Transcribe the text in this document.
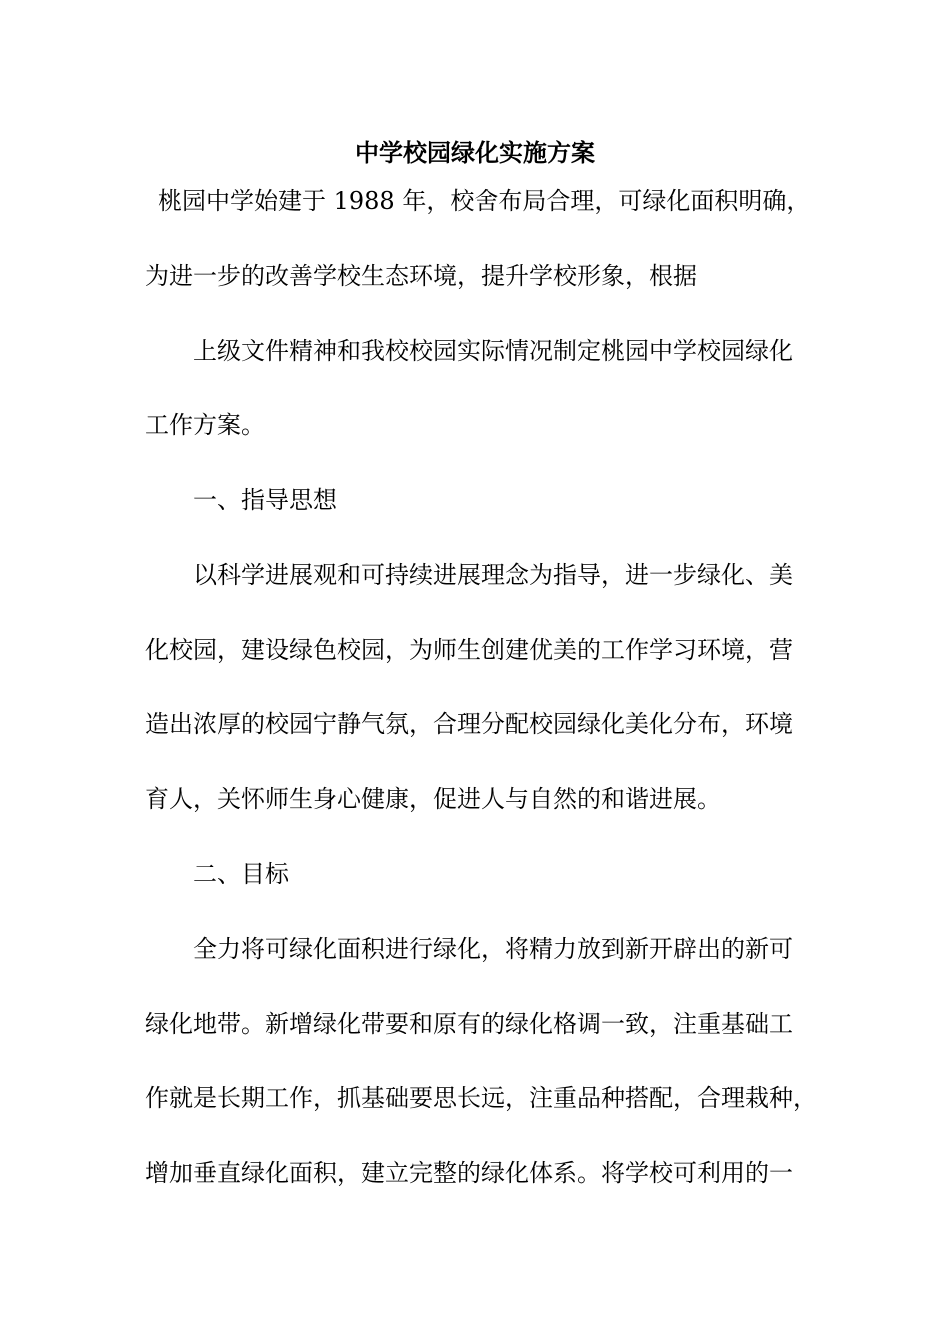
中学校园绿化实施方案
桃园中学始建于 1988 年，校舍布局合理，可绿化面积明确，
为进一步的改善学校生态环境，提升学校形象，根据
上级文件精神和我校校园实际情况制定桃园中学校园绿化
工作方案。
一、指导思想
以科学进展观和可持续进展理念为指导，进一步绿化、美
化校园，建设绿色校园，为师生创建优美的工作学习环境，营
造出浓厚的校园宁静气氛，合理分配校园绿化美化分布，环境
育人，关怀师生身心健康，促进人与自然的和谐进展。
二、目标
全力将可绿化面积进行绿化，将精力放到新开辟出的新可
绿化地带。新增绿化带要和原有的绿化格调一致，注重基础工
作就是长期工作，抓基础要思长远，注重品种搭配，合理栽种，
增加垂直绿化面积，建立完整的绿化体系。将学校可利用的一
